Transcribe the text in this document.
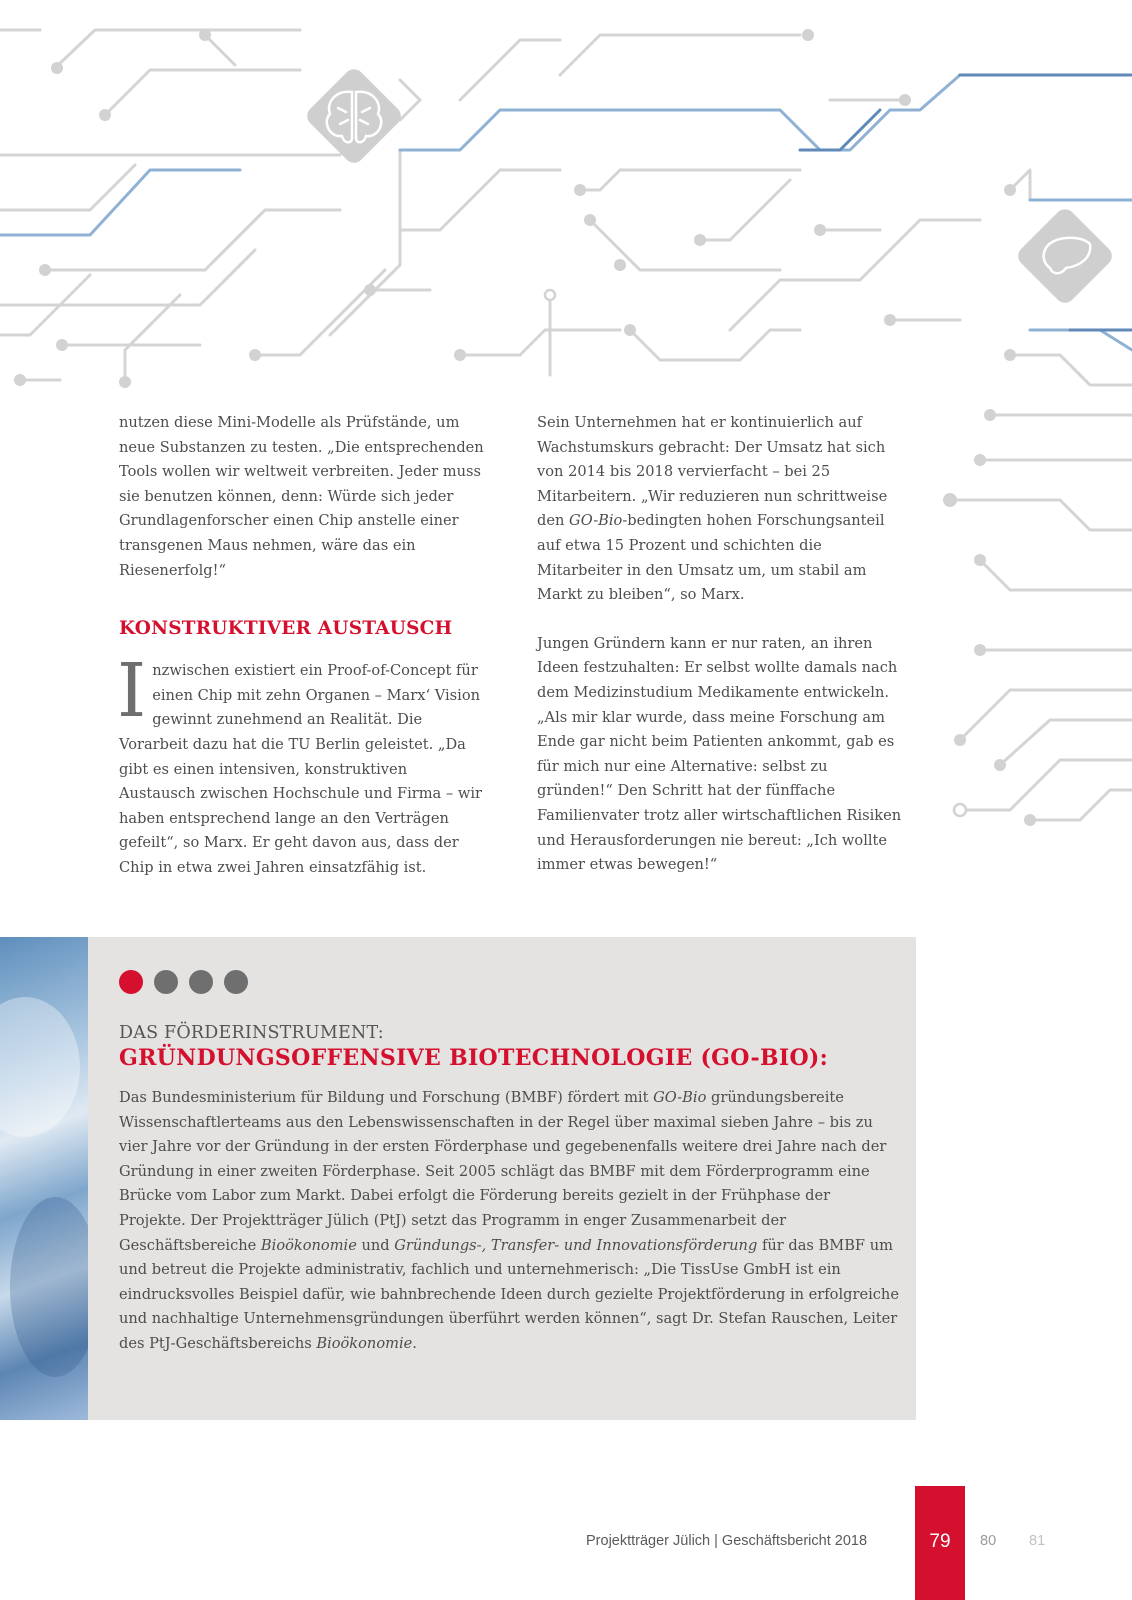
nutzen diese Mini-Modelle als Prüfstände, um neue Substanzen zu testen. „Die entsprechenden Tools wollen wir weltweit verbreiten. Jeder muss sie benutzen können, denn: Würde sich jeder Grundlagenforscher einen Chip anstelle einer transgenen Maus nehmen, wäre das ein Riesenerfolg!“

KONSTRUKTIVER AUSTAUSCH

Inzwischen existiert ein Proof-of-Concept für einen Chip mit zehn Organen – Marx‘ Vision gewinnt zunehmend an Realität. Die Vorarbeit dazu hat die TU Berlin geleistet. „Da gibt es einen intensiven, konstruktiven Austausch zwischen Hochschule und Firma – wir haben entsprechend lange an den Verträgen gefeilt“, so Marx. Er geht davon aus, dass der Chip in etwa zwei Jahren einsatzfähig ist.

Sein Unternehmen hat er kontinuierlich auf Wachstumskurs gebracht: Der Umsatz hat sich von 2014 bis 2018 vervierfacht – bei 25 Mitarbeitern. „Wir reduzieren nun schrittweise den GO-Bio-bedingten hohen Forschungsanteil auf etwa 15 Prozent und schichten die Mitarbeiter in den Umsatz um, um stabil am Markt zu bleiben“, so Marx.

Jungen Gründern kann er nur raten, an ihren Ideen festzuhalten: Er selbst wollte damals nach dem Medizinstudium Medikamente entwickeln. „Als mir klar wurde, dass meine Forschung am Ende gar nicht beim Patienten ankommt, gab es für mich nur eine Alternative: selbst zu gründen!“ Den Schritt hat der fünffache Familienvater trotz aller wirtschaftlichen Risiken und Herausforderungen nie bereut: „Ich wollte immer etwas bewegen!“

DAS FÖRDERINSTRUMENT:
GRÜNDUNGSOFFENSIVE BIOTECHNOLOGIE (GO-BIO):

Das Bundesministerium für Bildung und Forschung (BMBF) fördert mit GO-Bio gründungsbereite Wissenschaftlerteams aus den Lebenswissenschaften in der Regel über maximal sieben Jahre – bis zu vier Jahre vor der Gründung in der ersten Förderphase und gegebenenfalls weitere drei Jahre nach der Gründung in einer zweiten Förderphase. Seit 2005 schlägt das BMBF mit dem Förderprogramm eine Brücke vom Labor zum Markt. Dabei erfolgt die Förderung bereits gezielt in der Frühphase der Projekte. Der Projektträger Jülich (PtJ) setzt das Programm in enger Zusammenarbeit der Geschäftsbereiche Bioökonomie und Gründungs-, Transfer- und Innovationsförderung für das BMBF um und betreut die Projekte administrativ, fachlich und unternehmerisch: „Die TissUse GmbH ist ein eindrucksvolles Beispiel dafür, wie bahnbrechende Ideen durch gezielte Projektförderung in erfolgreiche und nachhaltige Unternehmensgründungen überführt werden können“, sagt Dr. Stefan Rauschen, Leiter des PtJ-Geschäftsbereichs Bioökonomie.

Projektträger Jülich | Geschäftsbericht 2018	79	80 81
